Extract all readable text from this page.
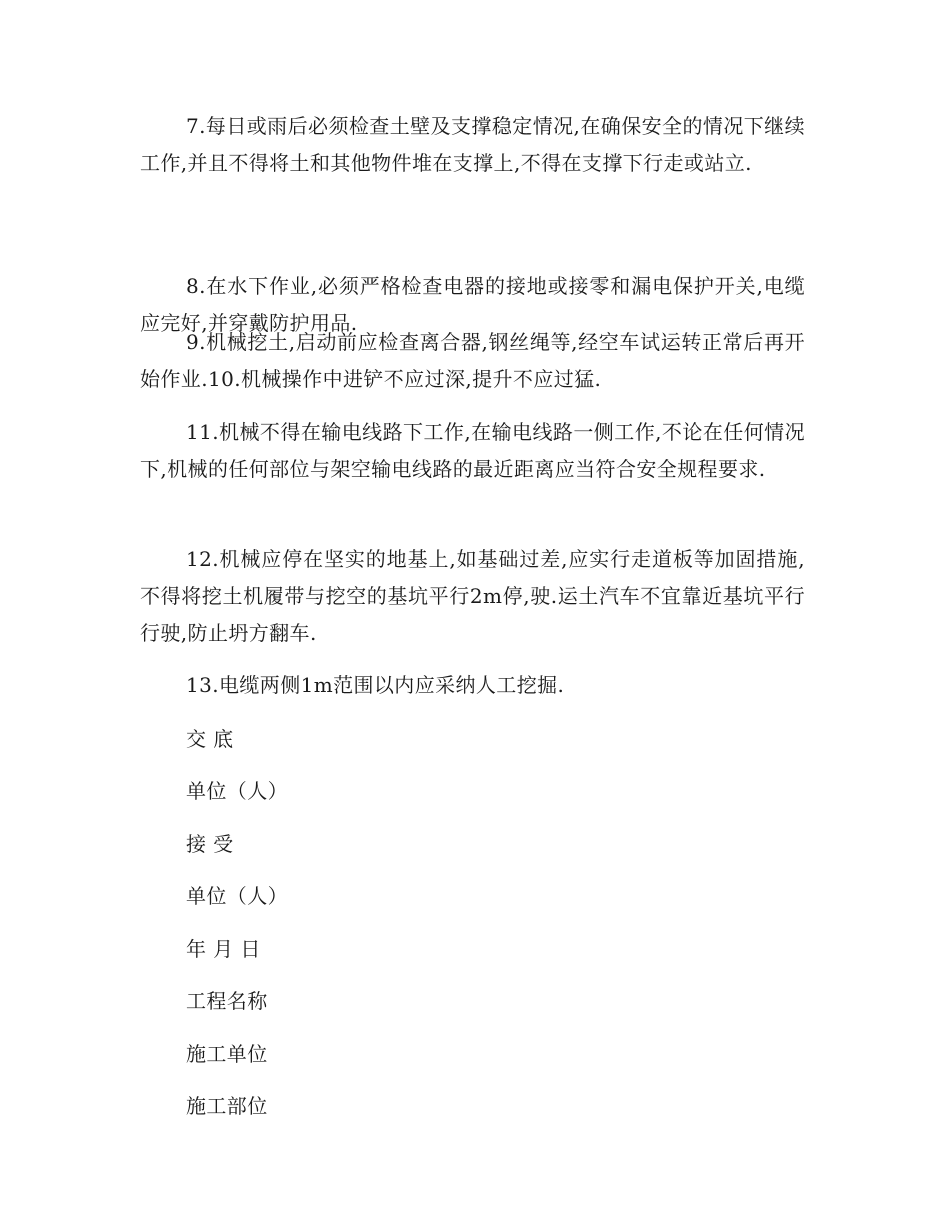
7.每日或雨后必须检查土壁及支撑稳定情况,在确保安全的情况下继续工作,并且不得将土和其他物件堆在支撑上,不得在支撑下行走或站立.

8.在水下作业,必须严格检查电器的接地或接零和漏电保护开关,电缆应完好,并穿戴防护用品.

9.机械挖土,启动前应检查离合器,钢丝绳等,经空车试运转正常后再开始作业.10.机械操作中进铲不应过深,提升不应过猛.

11.机械不得在输电线路下工作,在输电线路一侧工作,不论在任何情况下,机械的任何部位与架空输电线路的最近距离应当符合安全规程要求.

12.机械应停在坚实的地基上,如基础过差,应实行走道板等加固措施,不得将挖土机履带与挖空的基坑平行2m停,驶.运土汽车不宜靠近基坑平行行驶,防止坍方翻车.

13.电缆两侧1m范围以内应采纳人工挖掘.

交 底

单位（人）

接 受

单位（人）

年 月 日

工程名称

施工单位

施工部位
